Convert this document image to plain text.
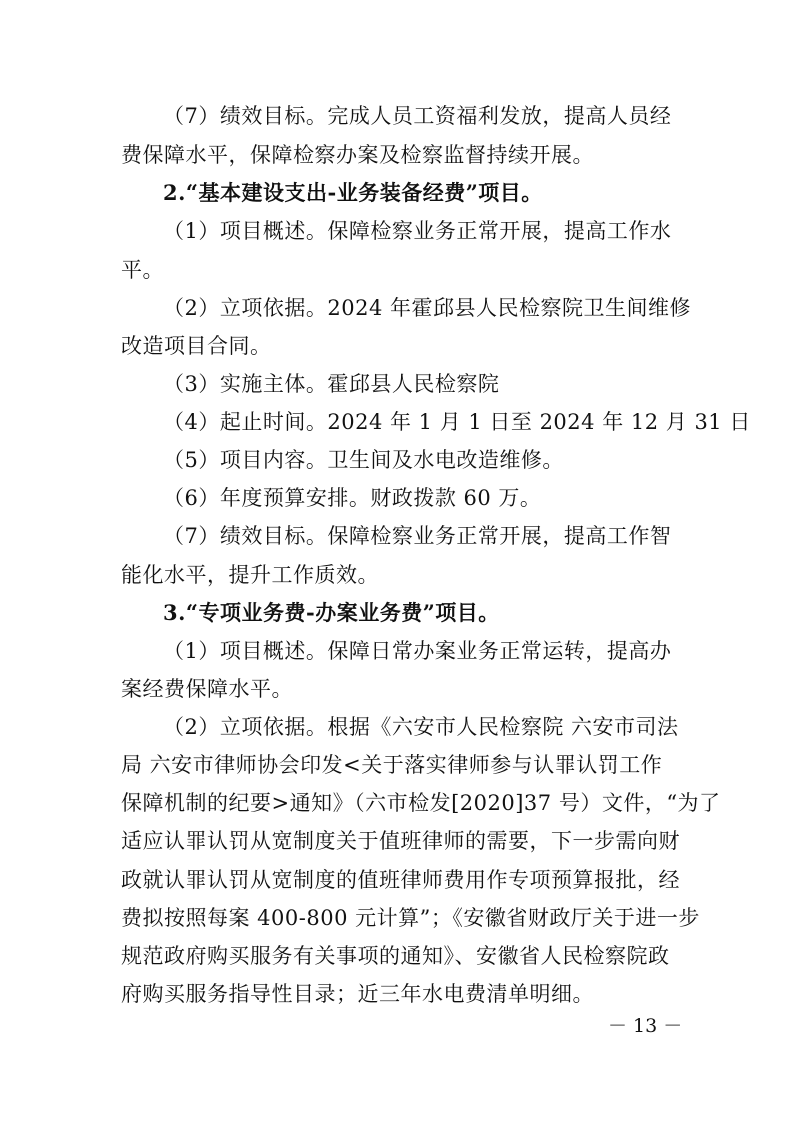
（7）绩效目标。完成人员工资福利发放，提高人员经
费保障水平，保障检察办案及检察监督持续开展。
2.“基本建设支出-业务装备经费”项目。
（1）项目概述。保障检察业务正常开展，提高工作水
平。
（2）立项依据。2024 年霍邱县人民检察院卫生间维修
改造项目合同。
（3）实施主体。霍邱县人民检察院
（4）起止时间。2024 年 1 月 1 日至 2024 年 12 月 31 日
（5）项目内容。卫生间及水电改造维修。
（6）年度预算安排。财政拨款 60 万。
（7）绩效目标。保障检察业务正常开展，提高工作智
能化水平，提升工作质效。
3.“专项业务费-办案业务费”项目。
（1）项目概述。保障日常办案业务正常运转，提高办
案经费保障水平。
（2）立项依据。根据《六安市人民检察院 六安市司法
局 六安市律师协会印发<关于落实律师参与认罪认罚工作
保障机制的纪要>通知》（六市检发[2020]37 号）文件，“为了
适应认罪认罚从宽制度关于值班律师的需要，下一步需向财
政就认罪认罚从宽制度的值班律师费用作专项预算报批，经
费拟按照每案 400-800 元计算”；《安徽省财政厅关于进一步
规范政府购买服务有关事项的通知》、安徽省人民检察院政
府购买服务指导性目录；近三年水电费清单明细。
－ 13 －
